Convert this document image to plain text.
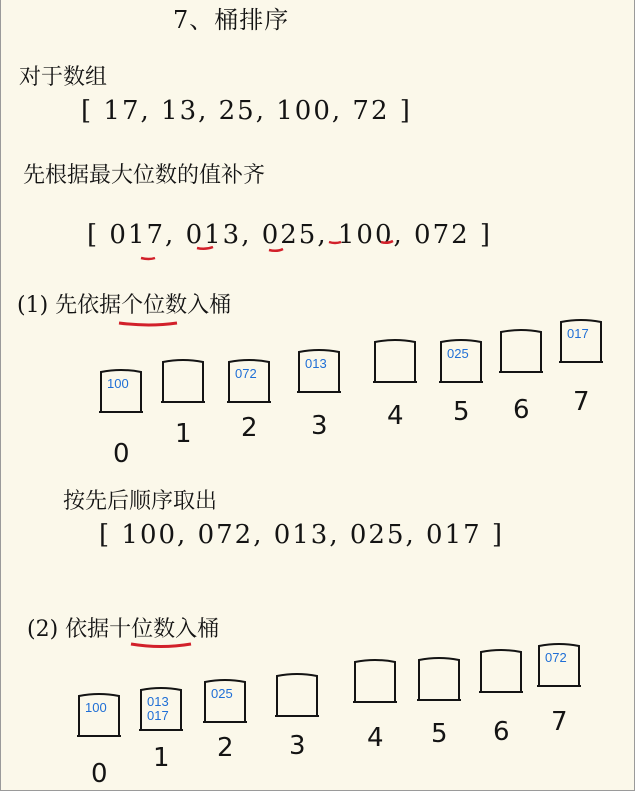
7、桶排序
对于数组
[ 17, 13, 25, 100, 72 ]
先根据最大位数的值补齐
[ 017, 013, 025, 100, 072 ]
(1) 先依据个位数入桶
按先后顺序取出
[ 100, 072, 013, 025, 017 ]
(2) 依据十位数入桶
100
0
1
072
2
013
3 4
025
5 6
017
7
100
0
013
017
1
025
2 3 4 5 6
072
7
